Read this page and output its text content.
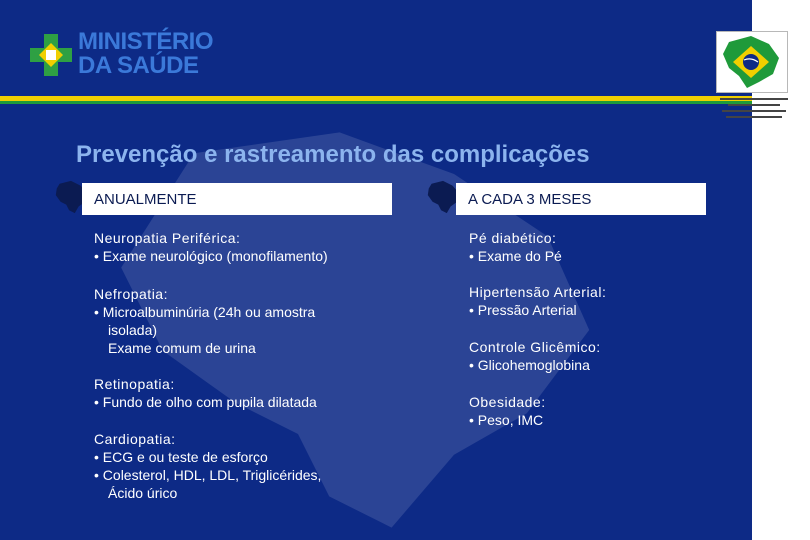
MINISTÉRIO
DA SAÚDE
Prevenção e rastreamento das complicações
ANUALMENTE	A CADA 3 MESES
Neuropatia Periférica:
• Exame neurológico (monofilamento)
Nefropatia:
• Microalbuminúria (24h ou amostra
isolada)
Exame comum de urina
Retinopatia:
• Fundo de olho com pupila dilatada
Cardiopatia:
• ECG e ou teste de esforço
• Colesterol, HDL, LDL, Triglicérides,
Ácido úrico
Pé diabético:
• Exame do Pé
Hipertensão Arterial:
• Pressão Arterial
Controle Glicêmico:
• Glicohemoglobina
Obesidade:
• Peso, IMC
